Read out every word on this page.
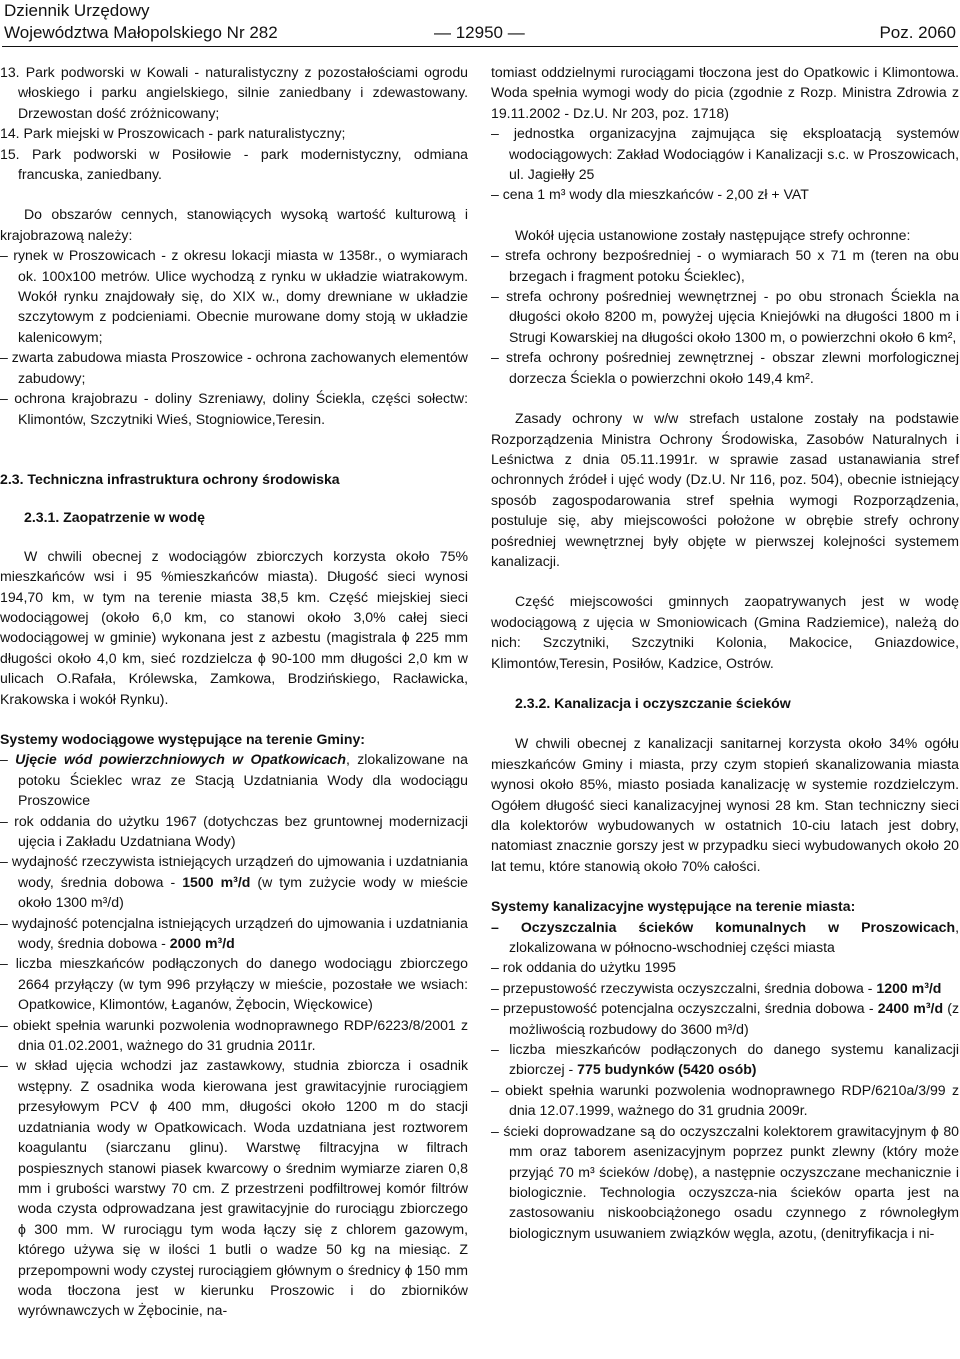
Dziennik Urzędowy
Województwa Małopolskiego Nr 282	— 12950 —	Poz. 2060

13. Park podworski w Kowali - naturalistyczny z pozostałościami ogrodu włoskiego i parku angielskiego, silnie zaniedbany i zdewastowany. Drzewostan dość zróżnicowany;

14. Park miejski w Proszowicach - park naturalistyczny;

15. Park podworski w Posiłowie - park modernistyczny, odmiana francuska, zaniedbany.

Do obszarów cennych, stanowiących wysoką wartość kulturową i krajobrazową należy:

– rynek w Proszowicach - z okresu lokacji miasta w 1358r., o wymiarach ok. 100x100 metrów. Ulice wychodzą z rynku w układzie wiatrakowym. Wokół rynku znajdowały się, do XIX w., domy drewniane w układzie szczytowym z podcieniami. Obecnie murowane domy stoją w układzie kalenicowym;

– zwarta zabudowa miasta Proszowice - ochrona zachowanych elementów zabudowy;

– ochrona krajobrazu - doliny Szreniawy, doliny Ściekla, części sołectw: Klimontów, Szczytniki Wieś, Stogniowice,Teresin.

2.3. Techniczna infrastruktura ochrony środowiska

2.3.1. Zaopatrzenie w wodę

W chwili obecnej z wodociągów zbiorczych korzysta około 75% mieszkańców wsi i 95 %mieszkańców miasta). Długość sieci wynosi 194,70 km, w tym na terenie miasta 38,5 km. Część miejskiej sieci wodociągowej (około 6,0 km, co stanowi około 3,0% całej sieci wodociągowej w gminie) wykonana jest z azbestu (magistrala ϕ 225 mm długości około 4,0 km, sieć rozdzielcza ϕ 90-100 mm długości 2,0 km w ulicach O.Rafała, Królewska, Zamkowa, Brodzińskiego, Racławicka, Krakowska i wokół Rynku).

Systemy wodociągowe występujące na terenie Gminy:

– Ujęcie wód powierzchniowych w Opatkowicach, zlokalizowane na potoku Ścieklec wraz ze Stacją Uzdatniania Wody dla wodociągu Proszowice

– rok oddania do użytku 1967 (dotychczas bez gruntownej modernizacji ujęcia i Zakładu Uzdatniana Wody)

– wydajność rzeczywista istniejących urządzeń do ujmowania i uzdatniania wody, średnia dobowa - 1500 m³/d (w tym zużycie wody w mieście około 1300 m³/d)

– wydajność potencjalna istniejących urządzeń do ujmowania i uzdatniania wody, średnia dobowa - 2000 m³/d

– liczba mieszkańców podłączonych do danego wodociągu zbiorczego 2664 przyłączy (w tym 996 przyłączy w mieście, pozostałe we wsiach: Opatkowice, Klimontów, Łaganów, Żębocin, Więckowice)

– obiekt spełnia warunki pozwolenia wodnoprawnego RDP/6223/8/2001 z dnia 01.02.2001, ważnego do 31 grudnia 2011r.

– w skład ujęcia wchodzi jaz zastawkowy, studnia zbiorcza i osadnik wstępny. Z osadnika woda kierowana jest grawitacyjnie rurociągiem przesyłowym PCV ϕ 400 mm, długości około 1200 m do stacji uzdatniania wody w Opatkowicach. Woda uzdatniana jest roztworem koagulantu (siarczanu glinu). Warstwę filtracyjna w filtrach pospiesznych stanowi piasek kwarcowy o średnim wymiarze ziaren 0,8 mm i grubości warstwy 70 cm. Z przestrzeni podfiltrowej komór filtrów woda czysta odprowadzana jest grawitacyjnie do rurociągu zbiorczego ϕ 300 mm. W rurociągu tym woda łączy się z chlorem gazowym, którego używa się w ilości 1 butli o wadze 50 kg na miesiąc. Z przepompowni wody czystej rurociągiem głównym o średnicy ϕ 150 mm woda tłoczona jest w kierunku Proszowic i do zbiorników wyrównawczych w Żębocinie, na-

tomiast oddzielnymi rurociągami tłoczona jest do Opatkowic i Klimontowa. Woda spełnia wymogi wody do picia (zgodnie z Rozp. Ministra Zdrowia z 19.11.2002 - Dz.U. Nr 203, poz. 1718)

– jednostka organizacyjna zajmująca się eksploatacją systemów wodociągowych: Zakład Wodociągów i Kanalizacji s.c. w Proszowicach, ul. Jagiełły 25

– cena 1 m³ wody dla mieszkańców - 2,00 zł + VAT

Wokół ujęcia ustanowione zostały następujące strefy ochronne:

– strefa ochrony bezpośredniej - o wymiarach 50 x 71 m (teren na obu brzegach i fragment potoku Ścieklec),

– strefa ochrony pośredniej wewnętrznej - po obu stronach Ściekla na długości około 8200 m, powyżej ujęcia Kniejówki na długości 1800 m i Strugi Kowarskiej na długości około 1300 m, o powierzchni około 6 km²,

– strefa ochrony pośredniej zewnętrznej - obszar zlewni morfologicznej dorzecza Ściekla o powierzchni około 149,4 km².

Zasady ochrony w w/w strefach ustalone zostały na podstawie Rozporządzenia Ministra Ochrony Środowiska, Zasobów Naturalnych i Leśnictwa z dnia 05.11.1991r. w sprawie zasad ustanawiania stref ochronnych źródeł i ujęć wody (Dz.U. Nr 116, poz. 504), obecnie istniejący sposób zagospodarowania stref spełnia wymogi Rozporządzenia, postuluje się, aby miejscowości położone w obrębie strefy ochrony pośredniej wewnętrznej były objęte w pierwszej kolejności systemem kanalizacji.

Część miejscowości gminnych zaopatrywanych jest w wodę wodociągową z ujęcia w Smoniowicach (Gmina Radziemice), należą do nich: Szczytniki, Szczytniki Kolonia, Makocice, Gniazdowice, Klimontów,Teresin, Posiłów, Kadzice, Ostrów.

2.3.2. Kanalizacja i oczyszczanie ścieków

W chwili obecnej z kanalizacji sanitarnej korzysta około 34% ogółu mieszkańców Gminy i miasta, przy czym stopień skanalizowania miasta wynosi około 85%, miasto posiada kanalizację w systemie rozdzielczym. Ogółem długość sieci kanalizacyjnej wynosi 28 km. Stan techniczny sieci dla kolektorów wybudowanych w ostatnich 10-ciu latach jest dobry, natomiast znacznie gorszy jest w przypadku sieci wybudowanych około 20 lat temu, które stanowią około 70% całości.

Systemy kanalizacyjne występujące na terenie miasta:

– Oczyszczalnia ścieków komunalnych w Proszowicach, zlokalizowana w północno-wschodniej części miasta

– rok oddania do użytku 1995

– przepustowość rzeczywista oczyszczalni, średnia dobowa - 1200 m³/d

– przepustowość potencjalna oczyszczalni, średnia dobowa - 2400 m³/d (z możliwością rozbudowy do 3600 m³/d)

– liczba mieszkańców podłączonych do danego systemu kanalizacji zbiorczej - 775 budynków (5420 osób)

– obiekt spełnia warunki pozwolenia wodnoprawnego RDP/6210a/3/99 z dnia 12.07.1999, ważnego do 31 grudnia 2009r.

– ścieki doprowadzane są do oczyszczalni kolektorem grawitacyjnym ϕ 80 mm oraz taborem asenizacyjnym poprzez punkt zlewny (który może przyjąć 70 m³ ścieków /dobę), a następnie oczyszczane mechanicznie i biologicznie. Technologia oczyszcza-nia ścieków oparta jest na zastosowaniu niskoobciążonego osadu czynnego z równoległym biologicznym usuwaniem związków węgla, azotu, (denitryfikacja i ni-
